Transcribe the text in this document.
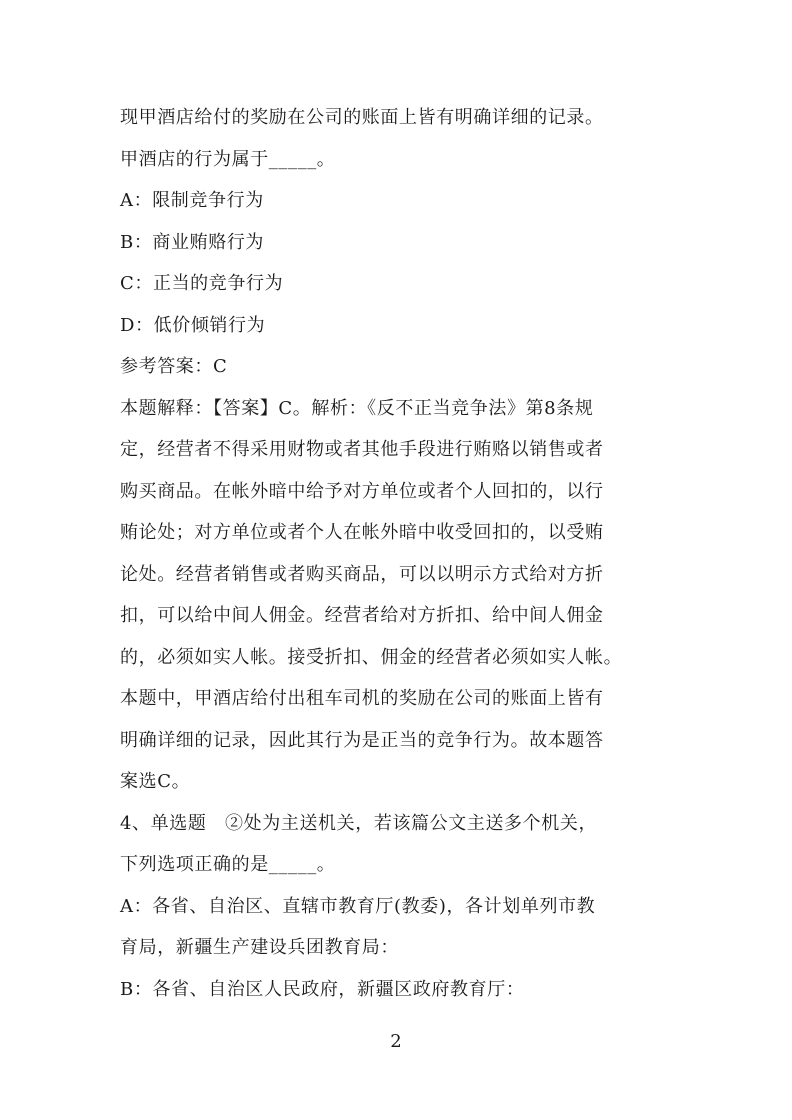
现甲酒店给付的奖励在公司的账面上皆有明确详细的记录。
甲酒店的行为属于_____。
A：限制竞争行为
B：商业贿赂行为
C：正当的竞争行为
D：低价倾销行为
参考答案：C
本题解释：【答案】C。解析：《反不正当竞争法》第8条规
定，经营者不得采用财物或者其他手段进行贿赂以销售或者
购买商品。在帐外暗中给予对方单位或者个人回扣的，以行
贿论处；对方单位或者个人在帐外暗中收受回扣的，以受贿
论处。经营者销售或者购买商品，可以以明示方式给对方折
扣，可以给中间人佣金。经营者给对方折扣、给中间人佣金
的，必须如实人帐。接受折扣、佣金的经营者必须如实人帐。
本题中，甲酒店给付出租车司机的奖励在公司的账面上皆有
明确详细的记录，因此其行为是正当的竞争行为。故本题答
案选C。
4、单选题　②处为主送机关，若该篇公文主送多个机关，
下列选项正确的是_____。
A：各省、自治区、直辖市教育厅(教委)，各计划单列市教
育局，新疆生产建设兵团教育局：
B：各省、自治区人民政府，新疆区政府教育厅：
2
